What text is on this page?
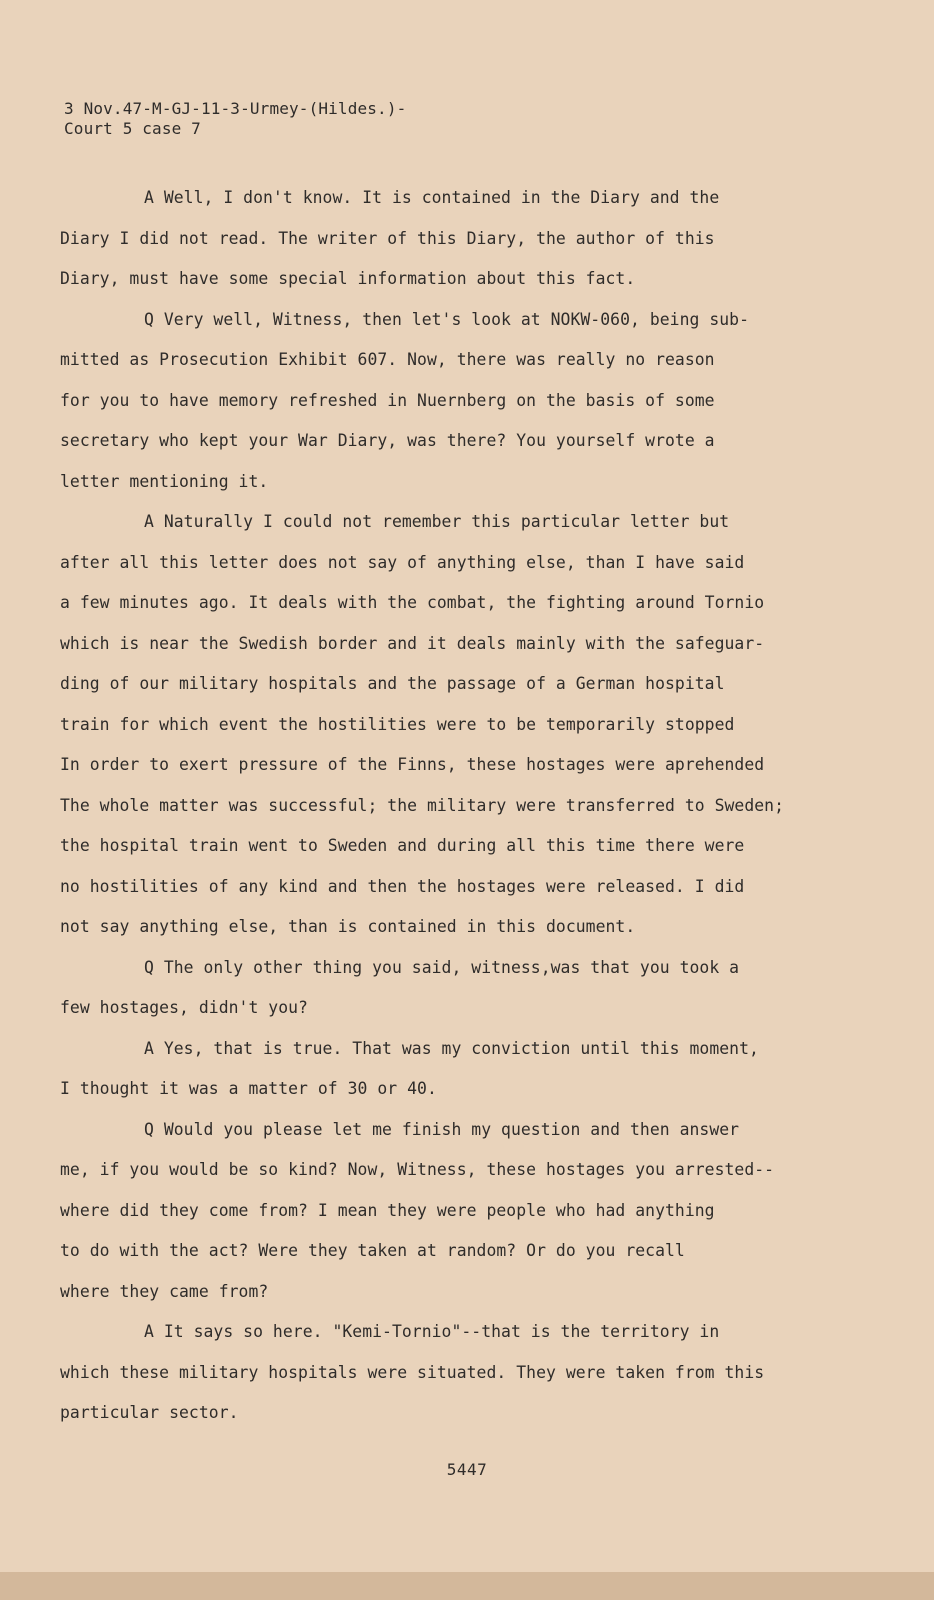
3 Nov.47-M-GJ-11-3-Urmey-(Hildes.)-
Court 5 case 7
A Well, I don't know. It is contained in the Diary and the
Diary I did not read. The writer of this Diary, the author of this
Diary, must have some special information about this fact.
Q Very well, Witness, then let's look at NOKW-060, being sub-
mitted as Prosecution Exhibit 607. Now, there was really no reason
for you to have memory refreshed in Nuernberg on the basis of some
secretary who kept your War Diary, was there? You yourself wrote a
letter mentioning it.
A Naturally I could not remember this particular letter but
after all this letter does not say of anything else, than I have said
a few minutes ago. It deals with the combat, the fighting around Tornio
which is near the Swedish border and it deals mainly with the safeguar-
ding of our military hospitals and the passage of a German hospital
train for which event the hostilities were to be temporarily stopped
In order to exert pressure of the Finns, these hostages were aprehended
The whole matter was successful; the military were transferred to Sweden;
the hospital train went to Sweden and during all this time there were
no hostilities of any kind and then the hostages were released. I did
not say anything else, than is contained in this document.
Q The only other thing you said, witness,was that you took a
few hostages, didn't you?
A Yes, that is true. That was my conviction until this moment,
I thought it was a matter of 30 or 40.
Q Would you please let me finish my question and then answer
me, if you would be so kind? Now, Witness, these hostages you arrested--
where did they come from? I mean they were people who had anything
to do with the act? Were they taken at random? Or do you recall
where they came from?
A It says so here. "Kemi-Tornio"--that is the territory in
which these military hospitals were situated. They were taken from this
particular sector.
5447
